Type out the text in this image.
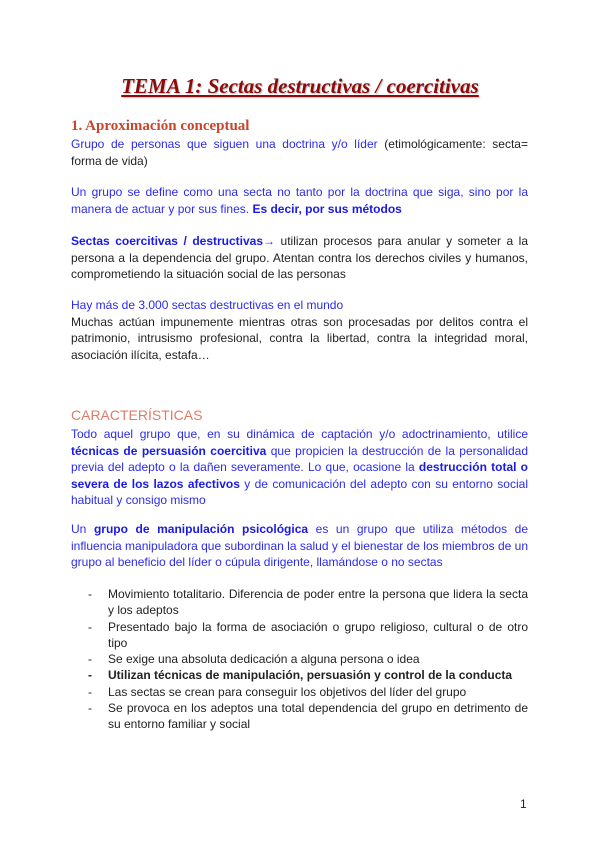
TEMA 1: Sectas destructivas / coercitivas
1. Aproximación conceptual
Grupo de personas que siguen una doctrina y/o líder (etimológicamente: secta= forma de vida)
Un grupo se define como una secta no tanto por la doctrina que siga, sino por la manera de actuar y por sus fines. Es decir, por sus métodos
Sectas coercitivas / destructivas→ utilizan procesos para anular y someter a la persona a la dependencia del grupo. Atentan contra los derechos civiles y humanos, comprometiendo la situación social de las personas
Hay más de 3.000 sectas destructivas en el mundo
Muchas actúan impunemente mientras otras son procesadas por delitos contra el patrimonio, intrusismo profesional, contra la libertad, contra la integridad moral, asociación ilícita, estafa…
CARACTERÍSTICAS
Todo aquel grupo que, en su dinámica de captación y/o adoctrinamiento, utilice técnicas de persuasión coercitiva que propicien la destrucción de la personalidad previa del adepto o la dañen severamente. Lo que, ocasione la destrucción total o severa de los lazos afectivos y de comunicación del adepto con su entorno social habitual y consigo mismo
Un grupo de manipulación psicológica es un grupo que utiliza métodos de influencia manipuladora que subordinan la salud y el bienestar de los miembros de un grupo al beneficio del líder o cúpula dirigente, llamándose o no sectas
- Movimiento totalitario. Diferencia de poder entre la persona que lidera la secta y los adeptos
- Presentado bajo la forma de asociación o grupo religioso, cultural o de otro tipo
- Se exige una absoluta dedicación a alguna persona o idea
- Utilizan técnicas de manipulación, persuasión y control de la conducta
- Las sectas se crean para conseguir los objetivos del líder del grupo
- Se provoca en los adeptos una total dependencia del grupo en detrimento de su entorno familiar y social
1
